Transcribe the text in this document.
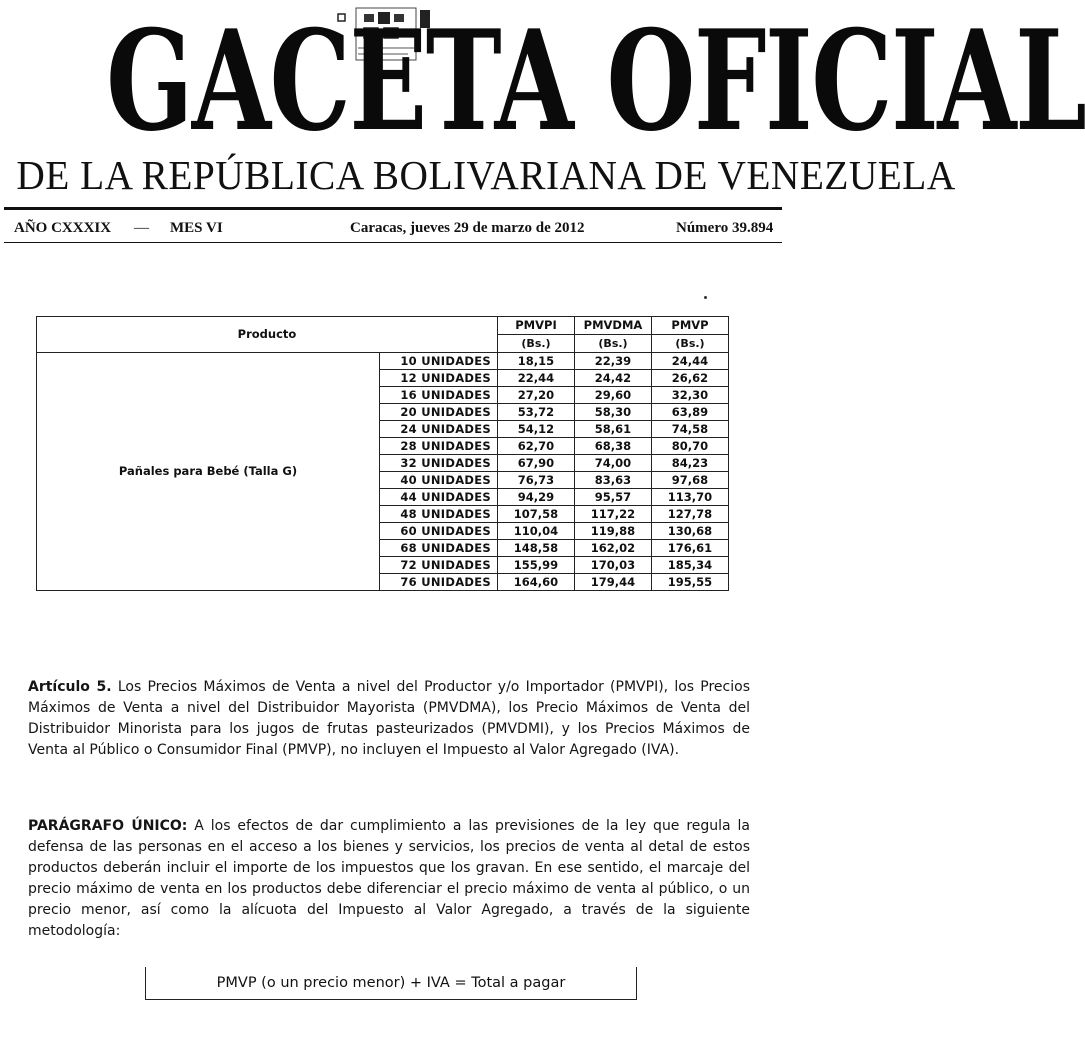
GACETA OFICIAL
DE LA REPÚBLICA BOLIVARIANA DE VENEZUELA
AÑO CXXXIX — MES VI	Caracas, jueves 29 de marzo de 2012	Número 39.894
Producto		PMVPI	PMVDMA	PMVP
		(Bs.)	(Bs.)	(Bs.)
Pañales para Bebé (Talla G)	10 UNIDADES	18,15	22,39	24,44
	12 UNIDADES	22,44	24,42	26,62
	16 UNIDADES	27,20	29,60	32,30
	20 UNIDADES	53,72	58,30	63,89
	24 UNIDADES	54,12	58,61	74,58
	28 UNIDADES	62,70	68,38	80,70
	32 UNIDADES	67,90	74,00	84,23
	40 UNIDADES	76,73	83,63	97,68
	44 UNIDADES	94,29	95,57	113,70
	48 UNIDADES	107,58	117,22	127,78
	60 UNIDADES	110,04	119,88	130,68
	68 UNIDADES	148,58	162,02	176,61
	72 UNIDADES	155,99	170,03	185,34
	76 UNIDADES	164,60	179,44	195,55
Artículo 5. Los Precios Máximos de Venta a nivel del Productor y/o Importador (PMVPI), los Precios Máximos de Venta a nivel del Distribuidor Mayorista (PMVDMA), los Precio Máximos de Venta del Distribuidor Minorista para los jugos de frutas pasteurizados (PMVDMI), y los Precios Máximos de Venta al Público o Consumidor Final (PMVP), no incluyen el Impuesto al Valor Agregado (IVA).
PARÁGRAFO ÚNICO: A los efectos de dar cumplimiento a las previsiones de la ley que regula la defensa de las personas en el acceso a los bienes y servicios, los precios de venta al detal de estos productos deberán incluir el importe de los impuestos que los gravan. En ese sentido, el marcaje del precio máximo de venta en los productos debe diferenciar el precio máximo de venta al público, o un precio menor, así como la alícuota del Impuesto al Valor Agregado, a través de la siguiente metodología:
PMVP (o un precio menor) + IVA = Total a pagar
